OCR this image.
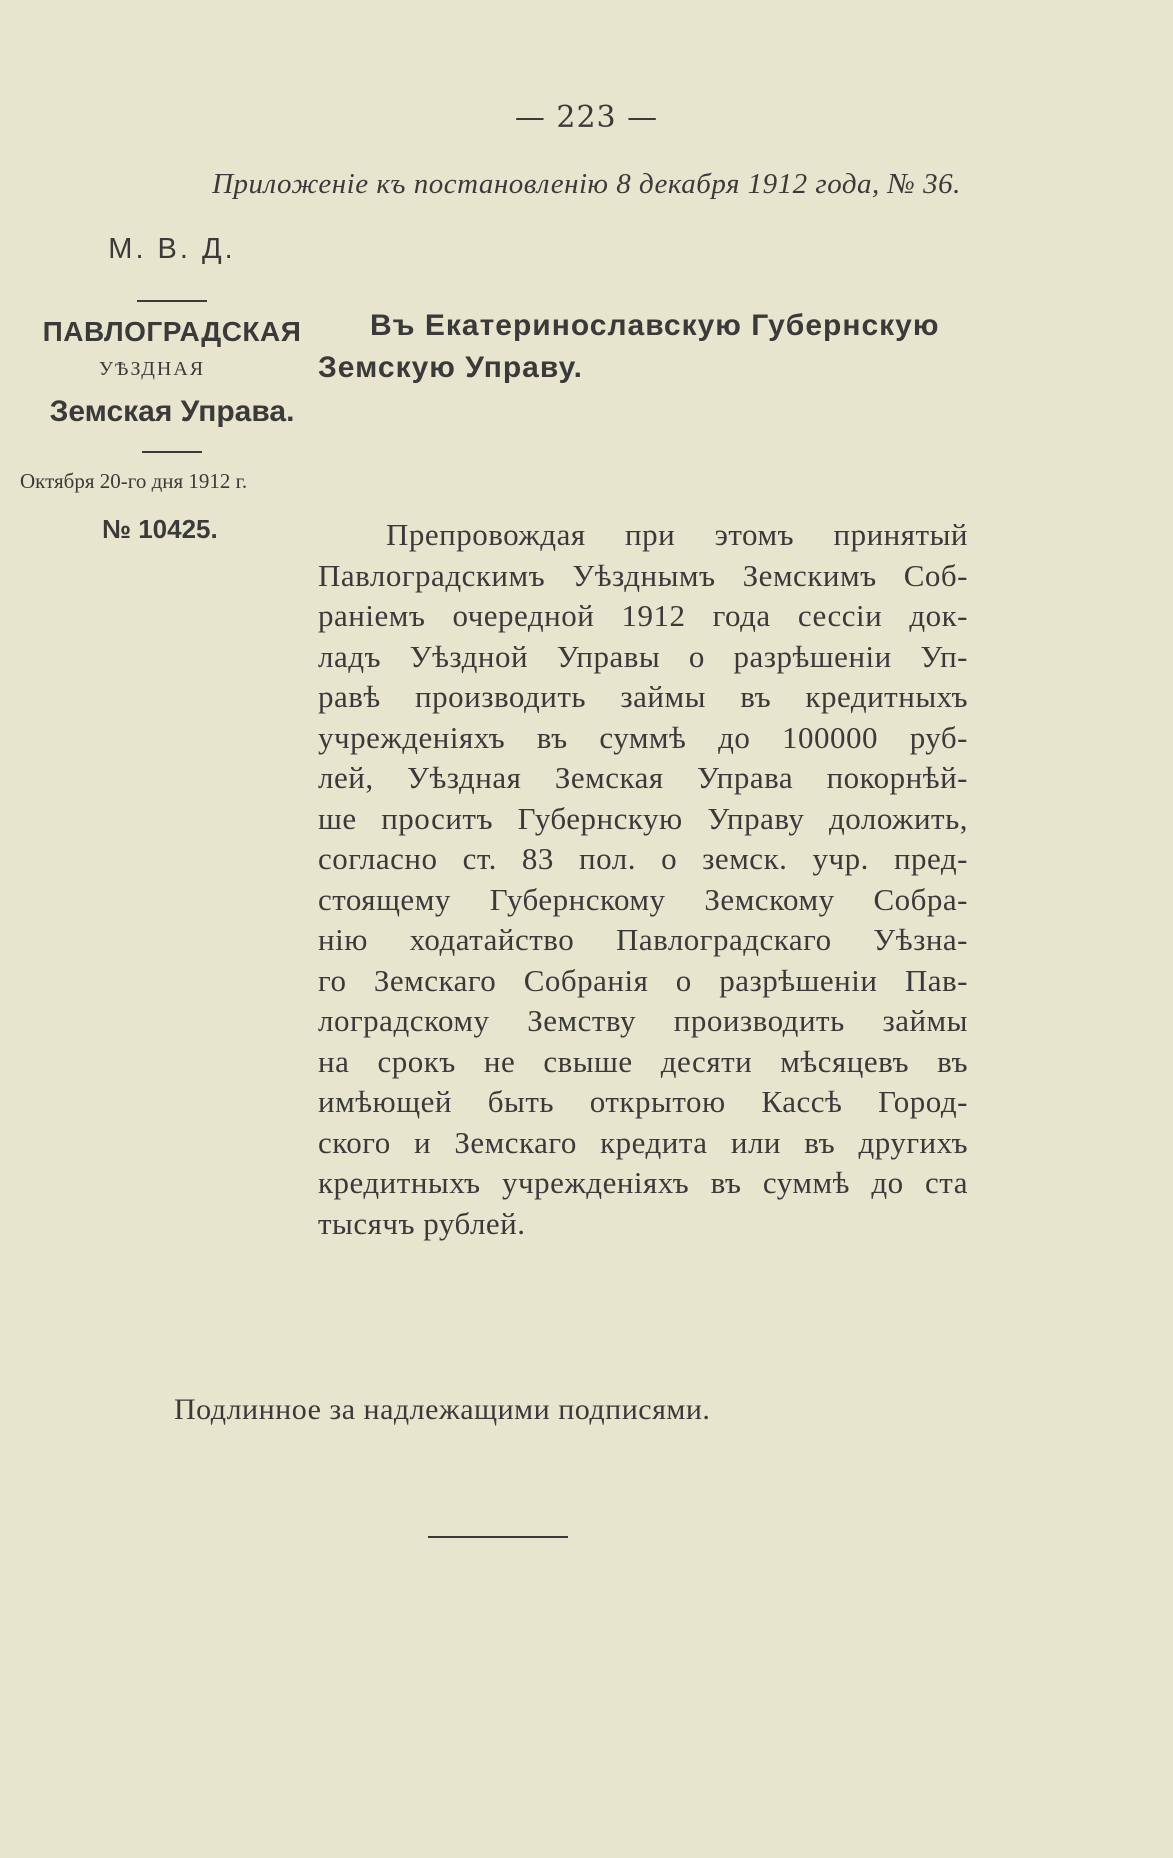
— 223 —
Приложеніе къ постановленію 8 декабря 1912 года, № 36.
М. В. Д.
ПАВЛОГРАДСКАЯ
УѢЗДНАЯ
Земская Управа.
Октября 20-го дня 1912 г.
№ 10425.
Въ Екатеринославскую Губернскую
Земскую Управу.
Препровождая при этомъ принятый
Павлоградскимъ Уѣзднымъ Земскимъ Соб-
раніемъ очередной 1912 года сессіи док-
ладъ Уѣздной Управы о разрѣшеніи Уп-
равѣ производить займы въ кредитныхъ
учрежденіяхъ въ суммѣ до 100000 руб-
лей, Уѣздная Земская Управа покорнѣй-
ше проситъ Губернскую Управу доложить,
согласно ст. 83 пол. о земск. учр. пред-
стоящему Губернскому Земскому Собра-
нію ходатайство Павлоградскаго Уѣзна-
го Земскаго Собранія о разрѣшеніи Пав-
лоградскому Земству производить займы
на срокъ не свыше десяти мѣсяцевъ въ
имѣющей быть открытою Кассѣ Город-
ского и Земскаго кредита или въ другихъ
кредитныхъ учрежденіяхъ въ суммѣ до ста
тысячъ рублей.
Подлинное за надлежащими подписями.
